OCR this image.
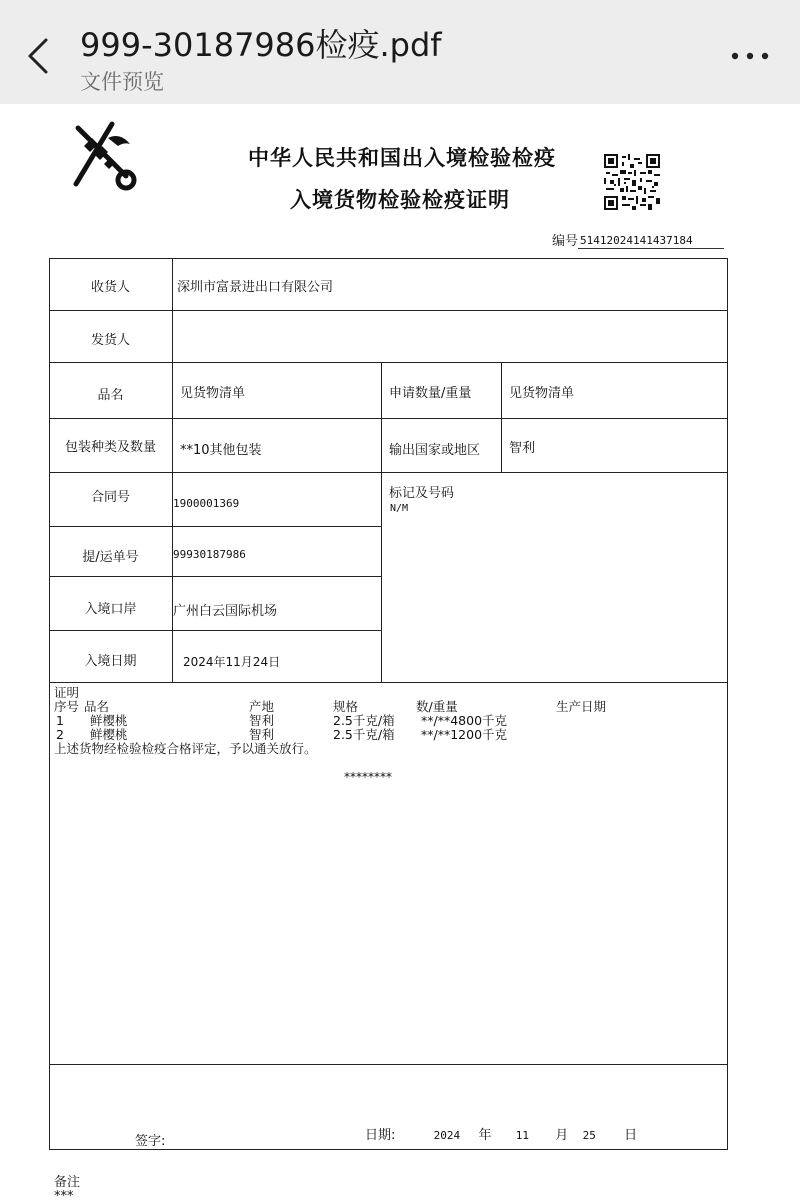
999-30187986检疫.pdf
文件预览
中华人民共和国出入境检验检疫
入境货物检验检疫证明
编号 51412024141437184
收货人	深圳市富景进出口有限公司
发货人
品名	见货物清单	申请数量/重量	见货物清单
包装种类及数量	**10其他包装	输出国家或地区 智利
合同号	1900001369
标记及号码
N/M
提/运单号	99930187986
入境口岸	广州白云国际机场
入境日期	2024年11月24日
证明
序号 品名	产地	规格	数/重量	生产日期
1 鲜樱桃	智利	2.5千克/箱 **/**4800千克
2 鲜樱桃	智利	2.5千克/箱 **/**1200千克
上述货物经检验检疫合格评定，予以通关放行。
********
签字:	日期:	2024 年 11 月 25 日
备注
***
